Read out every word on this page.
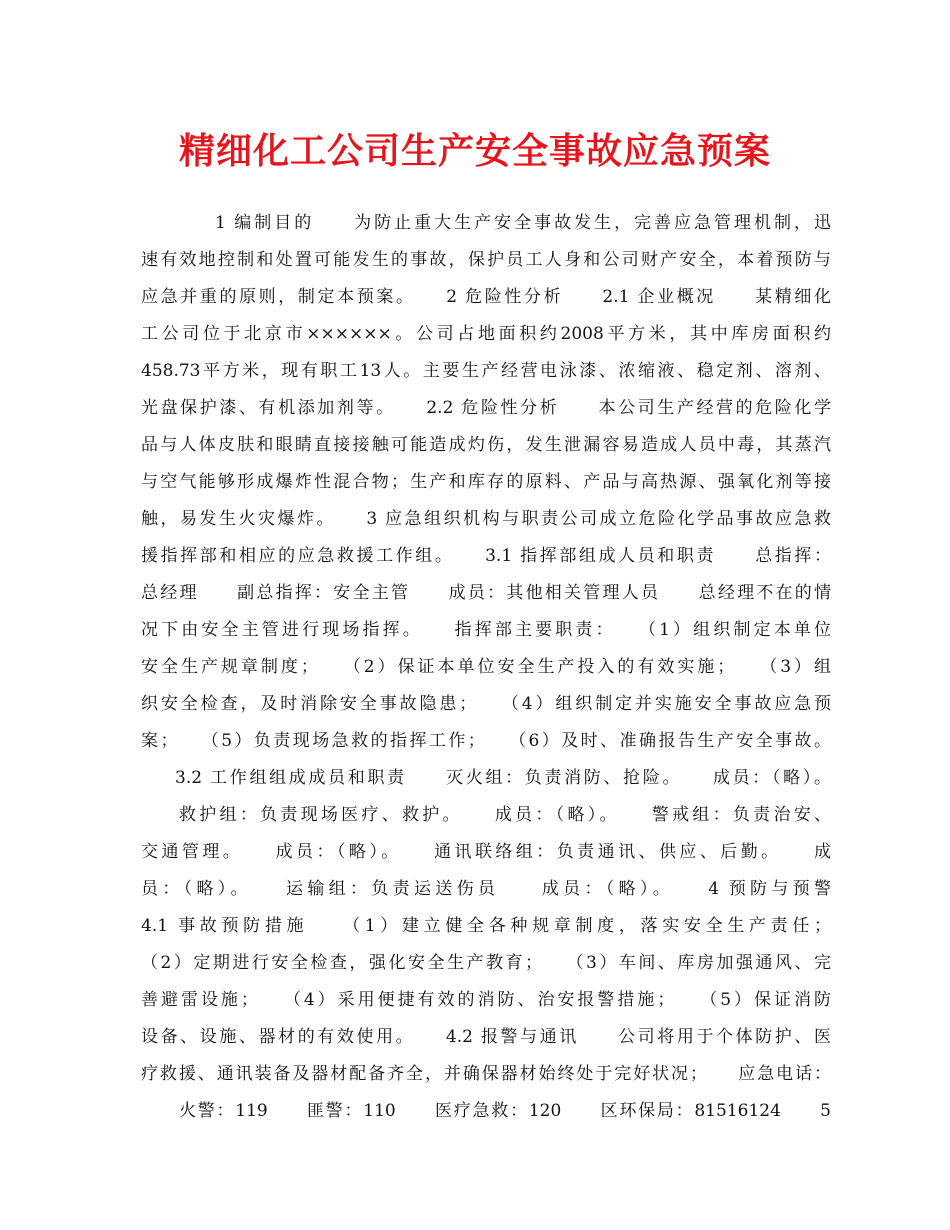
精细化工公司生产安全事故应急预案
1 编制目的　　为防止重大生产安全事故发生，完善应急管理机制，迅
速有效地控制和处置可能发生的事故，保护员工人身和公司财产安全，本着预防与
应急并重的原则，制定本预案。　　2 危险性分析　　2.1 企业概况　　某精细化
工公司位于北京市××××××。公司占地面积约2008平方米，其中库房面积约
458.73平方米，现有职工13人。主要生产经营电泳漆、浓缩液、稳定剂、溶剂、
光盘保护漆、有机添加剂等。　　2.2 危险性分析　　本公司生产经营的危险化学
品与人体皮肤和眼睛直接接触可能造成灼伤，发生泄漏容易造成人员中毒，其蒸汽
与空气能够形成爆炸性混合物；生产和库存的原料、产品与高热源、强氧化剂等接
触，易发生火灾爆炸。　　3 应急组织机构与职责公司成立危险化学品事故应急救
援指挥部和相应的应急救援工作组。　　3.1 指挥部组成人员和职责　　总指挥：
总经理　　副总指挥：安全主管　　成员：其他相关管理人员　　总经理不在的情
况下由安全主管进行现场指挥。　　指挥部主要职责：　　（1）组织制定本单位
安全生产规章制度；　　（2）保证本单位安全生产投入的有效实施；　　（3）组
织安全检查，及时消除安全事故隐患；　　（4）组织制定并实施安全事故应急预
案；　　（5）负责现场急救的指挥工作；　　（6）及时、准确报告生产安全事故。
3.2 工作组组成成员和职责　　灭火组：负责消防、抢险。　　成员：（略）。
救护组：负责现场医疗、救护。　　成员：（略）。　　警戒组：负责治安、
交通管理。　　成员：（略）。　　通讯联络组：负责通讯、供应、后勤。　　成
员：（略）。　　运输组：负责运送伤员　　成员：（略）。　　4 预防与预警
4.1 事故预防措施　　（1）建立健全各种规章制度，落实安全生产责任；
（2）定期进行安全检查，强化安全生产教育；　　（3）车间、库房加强通风、完
善避雷设施；　　（4）采用便捷有效的消防、治安报警措施；　　（5）保证消防
设备、设施、器材的有效使用。　　4.2 报警与通讯　　公司将用于个体防护、医
疗救援、通讯装备及器材配备齐全，并确保器材始终处于完好状况；　　应急电话：
火警：119　　匪警：110　　医疗急救：120　　区环保局：81516124　　5
